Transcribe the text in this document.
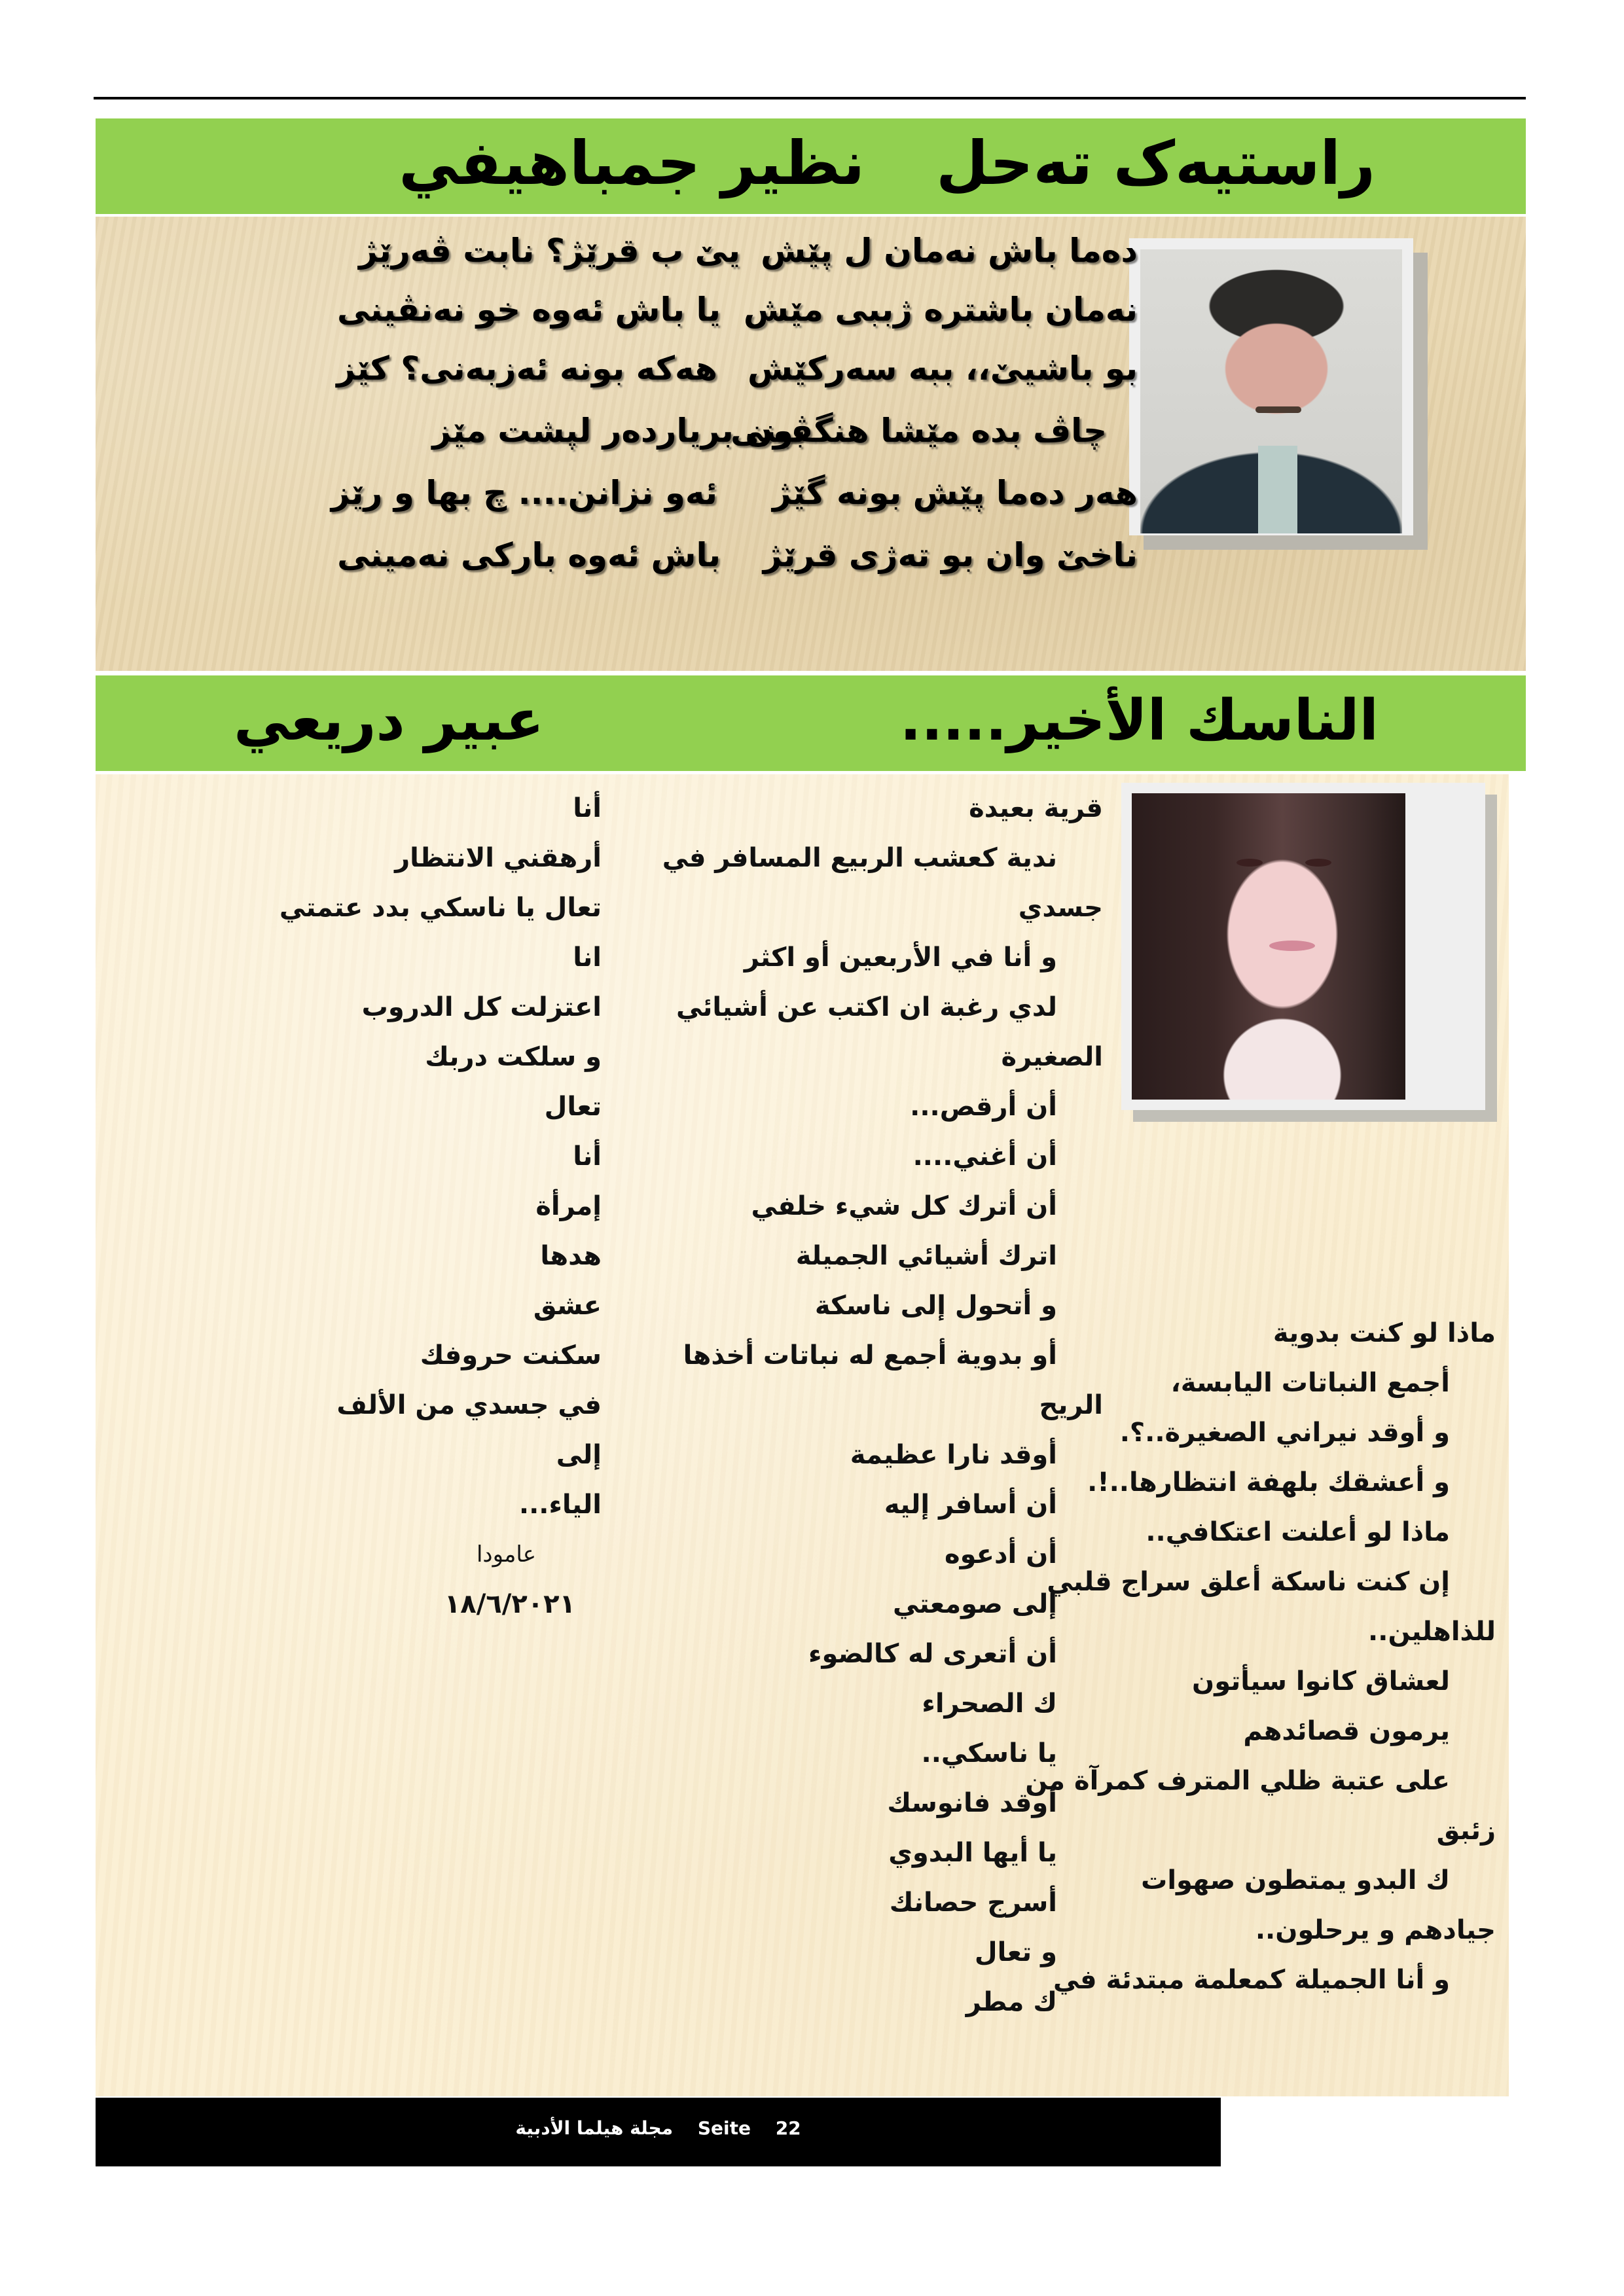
راستیەک تەحل
نظير جمباهيفي
دەما باش نەمان ل پێش
یێ ب قرێژ؟ نابت ڤەرێژ
نەمان باشترە ژببی مێش
یا باش ئەوە خو نەنڤینی
بو باشیێ،، ببە سەرکێش
هەکە بونە ئەزبەنی؟ کێز
چاڤ بدە مێشا هنگڤینی
بون بریاردەر لپشت مێز
هەر دەما پێش بونە گێژ
ئەو نزانن.... چ بها و رێز
ناخێ وان بو تەژی قرێژ
باش ئەوە بارکی نەمینی
الناسك الأخير.....
عبير دريعي
ماذا لو كنت بدوية
أجمع النباتات اليابسة،
و أوقد نيراني الصغيرة..؟.
و أعشقك بلهفة انتظارها..!.
ماذا لو أعلنت اعتكافي..
إن كنت ناسكة أعلق سراج قلبي
للذاهلين..
لعشاق كانوا سيأتون
يرمون قصائدهم
على عتبة ظلي المترف كمرآة من
زئبق
ك البدو يمتطون صهوات
جيادهم و يرحلون..
و أنا الجميلة كمعلمة مبتدئة في
قرية بعيدة
ندية كعشب الربيع المسافر في
جسدي
و أنا في الأربعين أو اكثر
لدي رغبة ان اكتب عن أشيائي
الصغيرة
أن أرقص...
أن أغني....
أن أترك كل شيء خلفي
اترك أشيائي الجميلة
و أتحول إلى ناسكة
أو بدوية أجمع له نباتات أخذها
الريح
أوقد نارا عظيمة
أن أسافر إليه
أن أدعوه
إلى صومعتي
أن أتعرى له كالضوء
ك الصحراء
يا ناسكي..
أوقد فانوسك
يا أيها البدوي
أسرج حصانك
و تعال
ك مطر
أنا
أرهقني الانتظار
تعال يا ناسكي بدد عتمتي
انا
اعتزلت كل الدروب
و سلكت دربك
تعال
أنا
إمرأة
هدها
عشق
سكنت حروفك
في جسدي من الألف
إلى
الياء...
عامودا
١٨/٦/٢٠٢١
مجلة هيلما الأدبية Seite 22
